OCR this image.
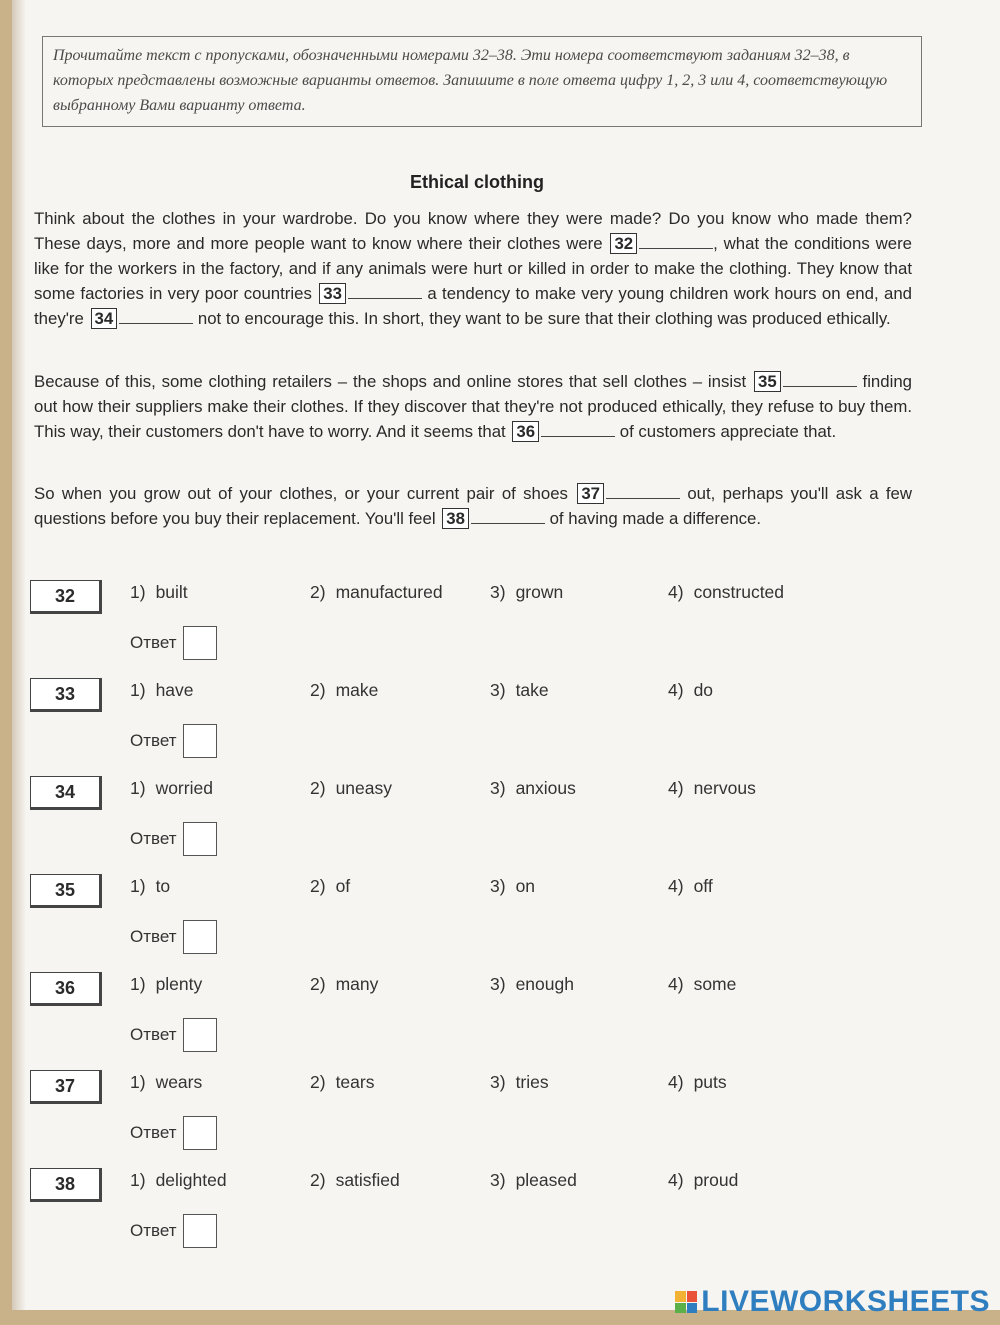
Прочитайте текст с пропусками, обозначенными номерами 32–38. Эти номера соответствуют заданиям 32–38, в которых представлены возможные варианты ответов. Запишите в поле ответа цифру 1, 2, 3 или 4, соответствующую выбранному Вами варианту ответа.
Ethical clothing
Think about the clothes in your wardrobe. Do you know where they were made? Do you know who made them? These days, more and more people want to know where their clothes were 32	, what the conditions were like for the workers in the factory, and if any animals were hurt or killed in order to make the clothing. They know that some factories in very poor countries 33	a tendency to make very young children work hours on end, and they're 34	not to encourage this. In short, they want to be sure that their clothing was produced ethically.
Because of this, some clothing retailers – the shops and online stores that sell clothes – insist 35	finding out how their suppliers make their clothes. If they discover that they're not produced ethically, they refuse to buy them. This way, their customers don't have to worry. And it seems that 36	of customers appreciate that.
So when you grow out of your clothes, or your current pair of shoes 37	out, perhaps you'll ask a few questions before you buy their replacement. You'll feel 38	of having made a difference.
32	1) built	2) manufactured	3) grown	4) constructed
Ответ
33	1) have	2) make	3) take	4) do
Ответ
34	1) worried	2) uneasy	3) anxious	4) nervous
Ответ
35	1) to	2) of	3) on	4) off
Ответ
36	1) plenty	2) many	3) enough	4) some
Ответ
37	1) wears	2) tears	3) tries	4) puts
Ответ
38	1) delighted	2) satisfied	3) pleased	4) proud
Ответ
LIVEWORKSHEETS
